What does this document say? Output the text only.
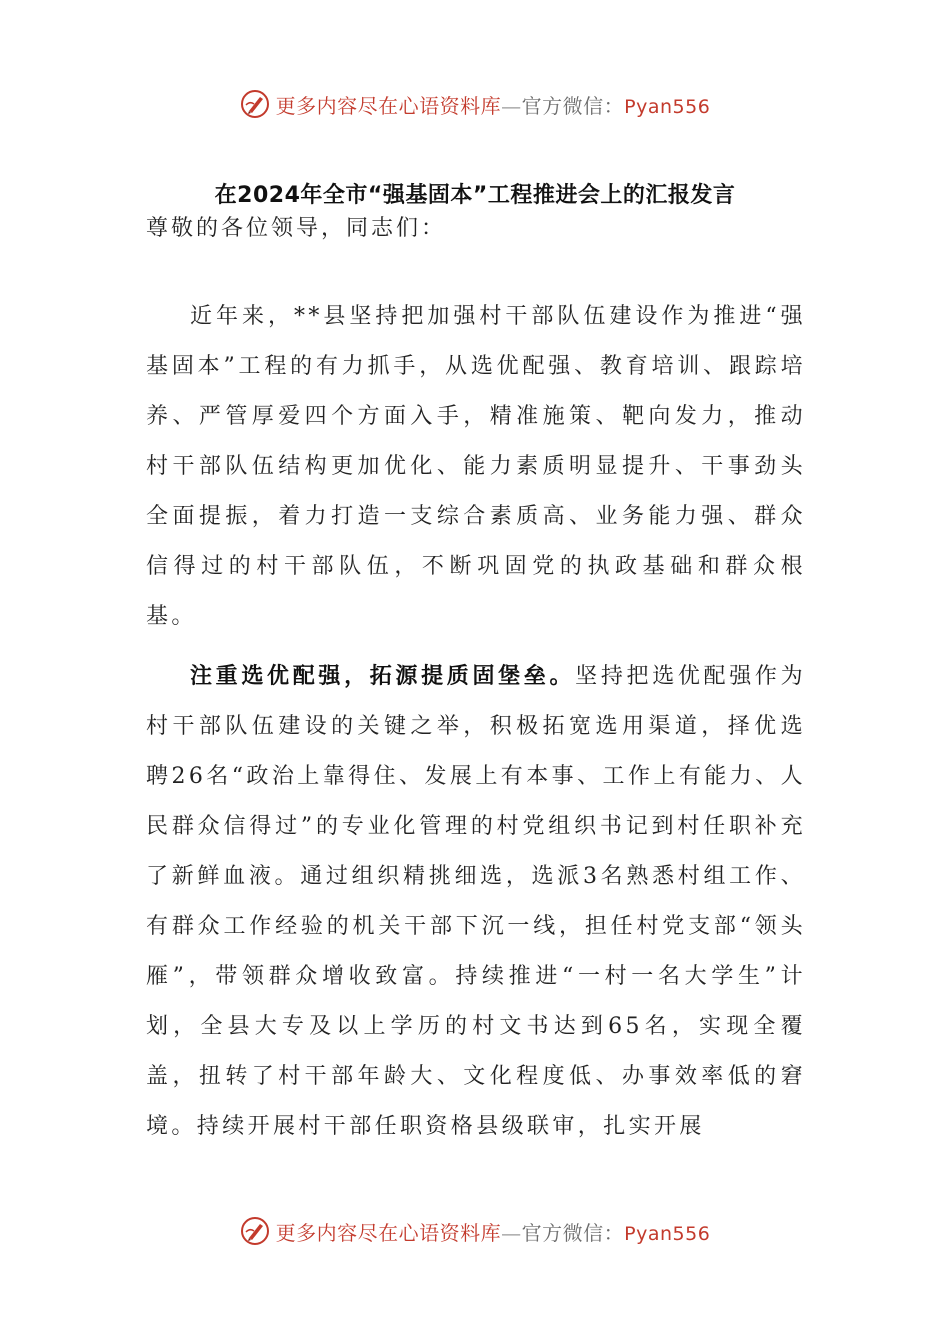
更多内容尽在心语资料库—官方微信：Pyan556
在2024年全市“强基固本”工程推进会上的汇报发言
尊敬的各位领导，同志们：

近年来，**县坚持把加强村干部队伍建设作为推进“强基固本”工程的有力抓手，从选优配强、教育培训、跟踪培养、严管厚爱四个方面入手，精准施策、靶向发力，推动村干部队伍结构更加优化、能力素质明显提升、干事劲头全面提振，着力打造一支综合素质高、业务能力强、群众信得过的村干部队伍，不断巩固党的执政基础和群众根基。

注重选优配强，拓源提质固堡垒。坚持把选优配强作为村干部队伍建设的关键之举，积极拓宽选用渠道，择优选聘26名“政治上靠得住、发展上有本事、工作上有能力、人民群众信得过”的专业化管理的村党组织书记到村任职补充了新鲜血液。通过组织精挑细选，选派3名熟悉村组工作、有群众工作经验的机关干部下沉一线，担任村党支部“领头雁”，带领群众增收致富。持续推进“一村一名大学生”计划，全县大专及以上学历的村文书达到65名，实现全覆盖，扭转了村干部年龄大、文化程度低、办事效率低的窘境。持续开展村干部任职资格县级联审，扎实开展

更多内容尽在心语资料库—官方微信：Pyan556
